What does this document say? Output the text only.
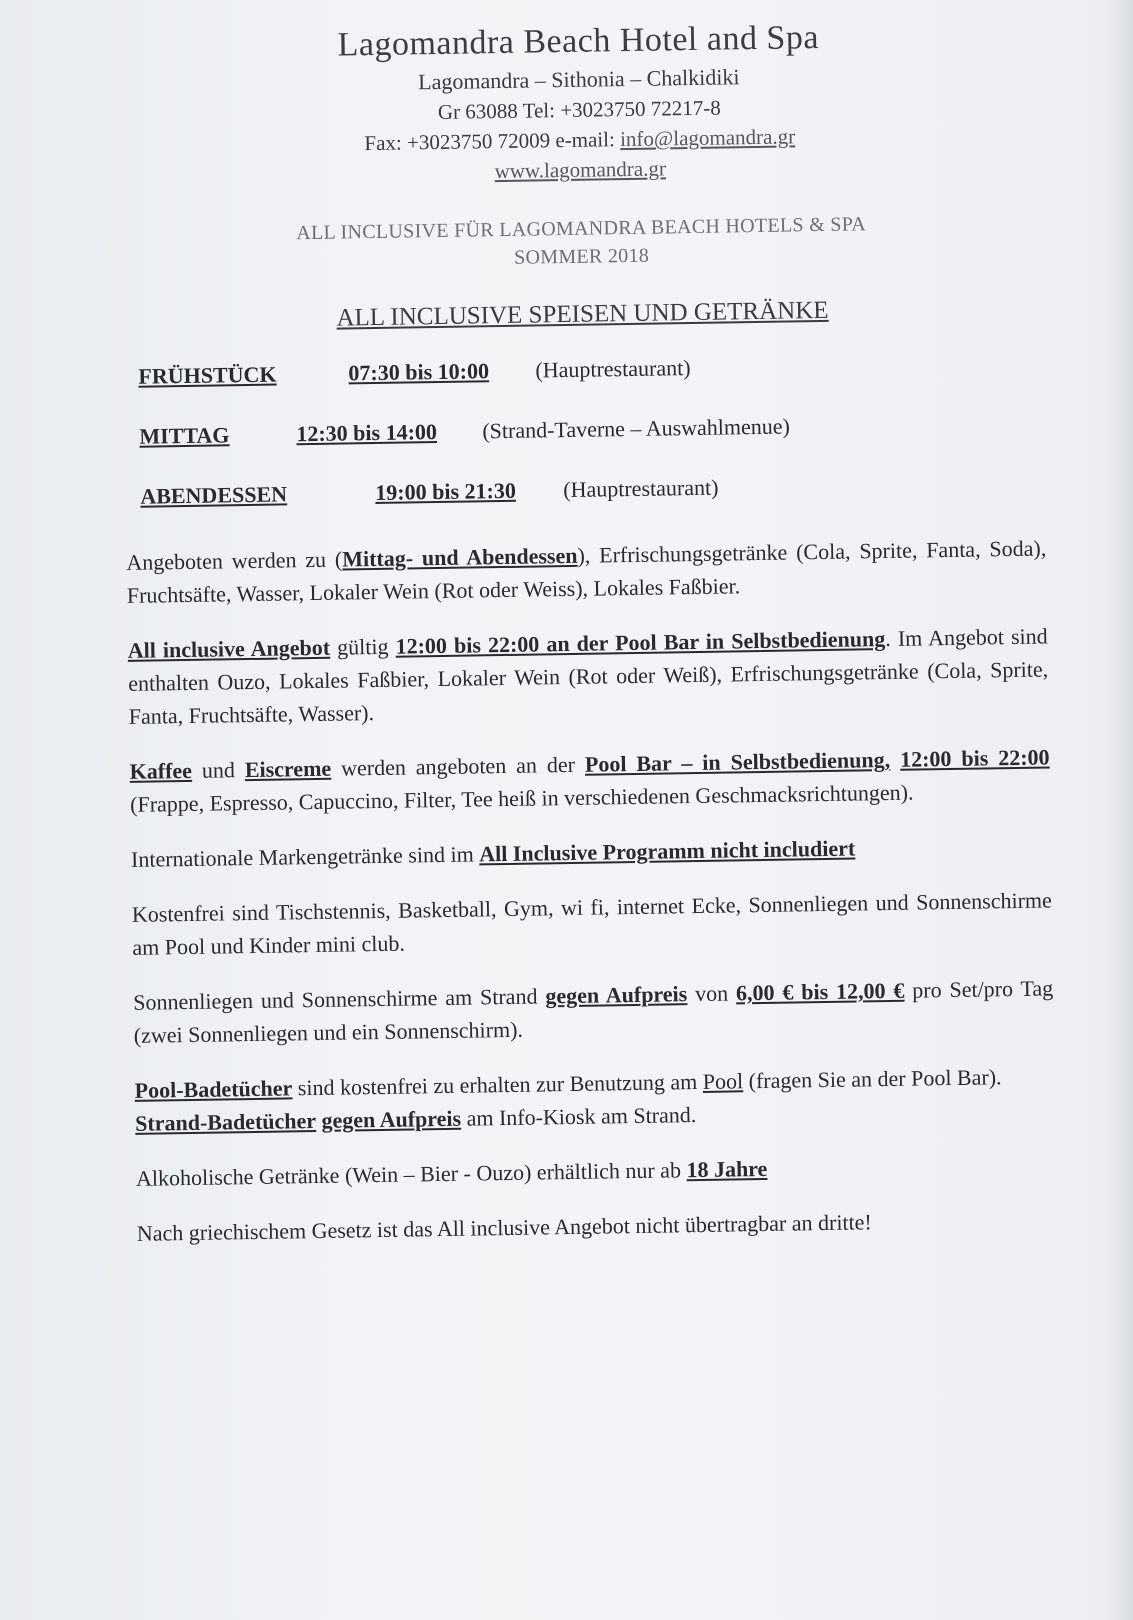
Lagomandra Beach Hotel and Spa
Lagomandra – Sithonia – Chalkidiki
Gr 63088 Tel: +3023750 72217-8
Fax: +3023750 72009 e-mail: info@lagomandra.gr
www.lagomandra.gr
ALL INCLUSIVE FÜR LAGOMANDRA BEACH HOTELS & SPA
SOMMER 2018
ALL INCLUSIVE SPEISEN UND GETRÄNKE
FRÜHSTÜCK	07:30 bis 10:00 (Hauptrestaurant)
MITTAG	12:30 bis 14:00 (Strand-Taverne – Auswahlmenue)
ABENDESSEN	19:00 bis 21:30 (Hauptrestaurant)

Angeboten werden zu (Mittag- und Abendessen), Erfrischungsgetränke (Cola, Sprite, Fanta, Soda), Fruchtsäfte, Wasser, Lokaler Wein (Rot oder Weiss), Lokales Faßbier.

All inclusive Angebot gültig 12:00 bis 22:00 an der Pool Bar in Selbstbedienung. Im Angebot sind enthalten Ouzo, Lokales Faßbier, Lokaler Wein (Rot oder Weiß), Erfrischungsgetränke (Cola, Sprite, Fanta, Fruchtsäfte, Wasser).

Kaffee und Eiscreme werden angeboten an der Pool Bar – in Selbstbedienung, 12:00 bis 22:00 (Frappe, Espresso, Capuccino, Filter, Tee heiß in verschiedenen Geschmacksrichtungen).

Internationale Markengetränke sind im All Inclusive Programm nicht includiert

Kostenfrei sind Tischstennis, Basketball, Gym, wi fi, internet Ecke, Sonnenliegen und Sonnenschirme am Pool und Kinder mini club.

Sonnenliegen und Sonnenschirme am Strand gegen Aufpreis von 6,00 € bis 12,00 € pro Set/pro Tag (zwei Sonnenliegen und ein Sonnenschirm).

Pool-Badetücher sind kostenfrei zu erhalten zur Benutzung am Pool (fragen Sie an der Pool Bar).
Strand-Badetücher gegen Aufpreis am Info-Kiosk am Strand.

Alkoholische Getränke (Wein – Bier - Ouzo) erhältlich nur ab 18 Jahre

Nach griechischem Gesetz ist das All inclusive Angebot nicht übertragbar an dritte!
